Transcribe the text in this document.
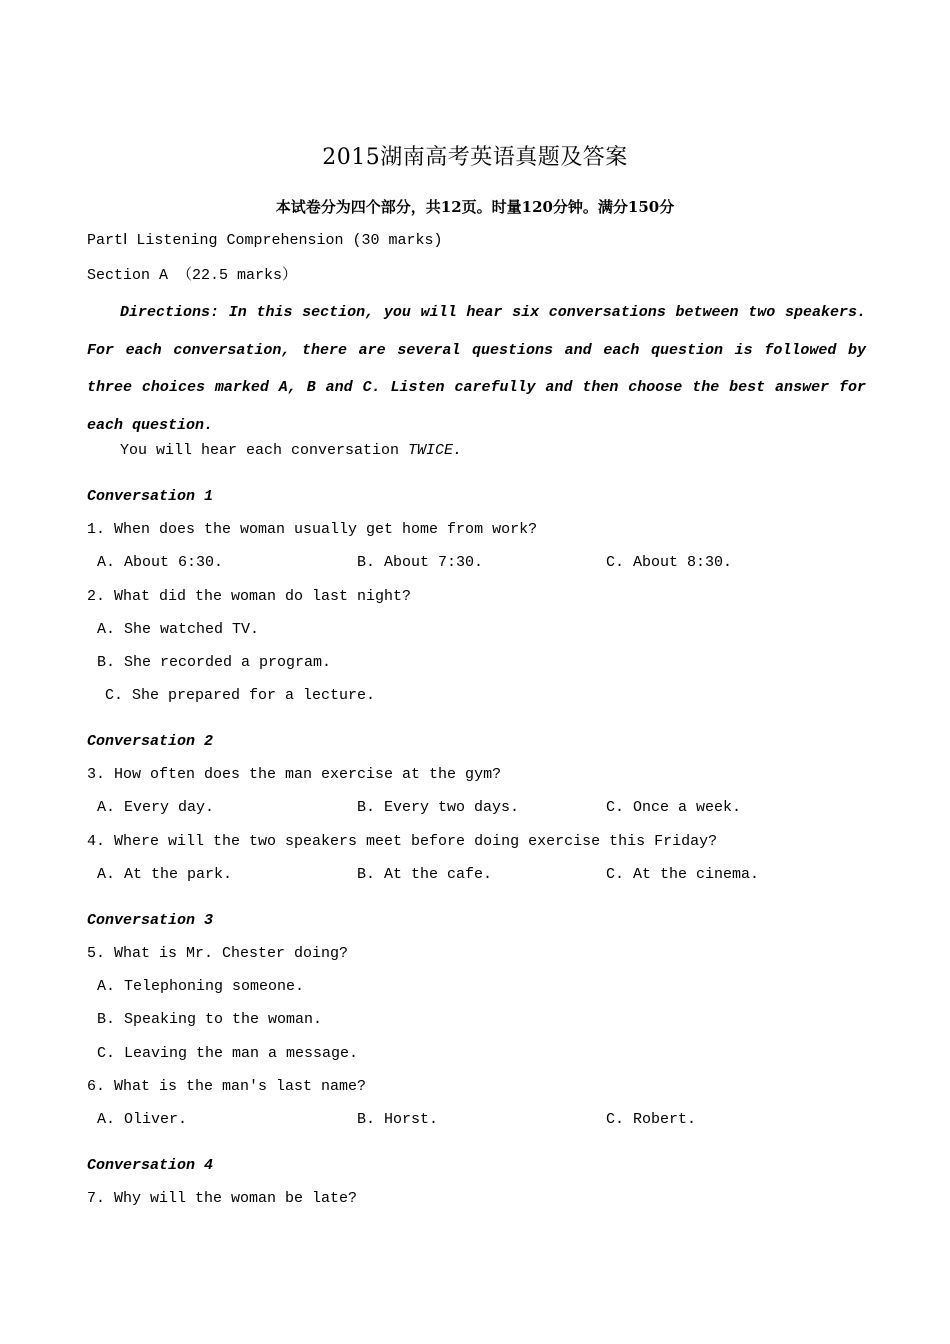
2015湖南高考英语真题及答案
本试卷分为四个部分，共12页。时量120分钟。满分150分
PartⅠ Listening Comprehension (30 marks)
Section A （22.5 marks）
Directions: In this section, you will hear six conversations between two speakers. For each conversation, there are several questions and each question is followed by three choices marked A, B and C. Listen carefully and then choose the best answer for each question.
You will hear each conversation TWICE.
Conversation 1
1. When does the woman usually get home from work?
A. About 6:30.	B. About 7:30.	C. About 8:30.
2. What did the woman do last night?
A. She watched TV.
B. She recorded a program.
C. She prepared for a lecture.
Conversation 2
3. How often does the man exercise at the gym?
A. Every day.	B. Every two days.	C. Once a week.
4. Where will the two speakers meet before doing exercise this Friday?
A. At the park.	B. At the cafe.	C. At the cinema.
Conversation 3
5. What is Mr. Chester doing?
A. Telephoning someone.
B. Speaking to the woman.
C. Leaving the man a message.
6. What is the man's last name?
A. Oliver.	B. Horst.	C. Robert.
Conversation 4
7. Why will the woman be late?
